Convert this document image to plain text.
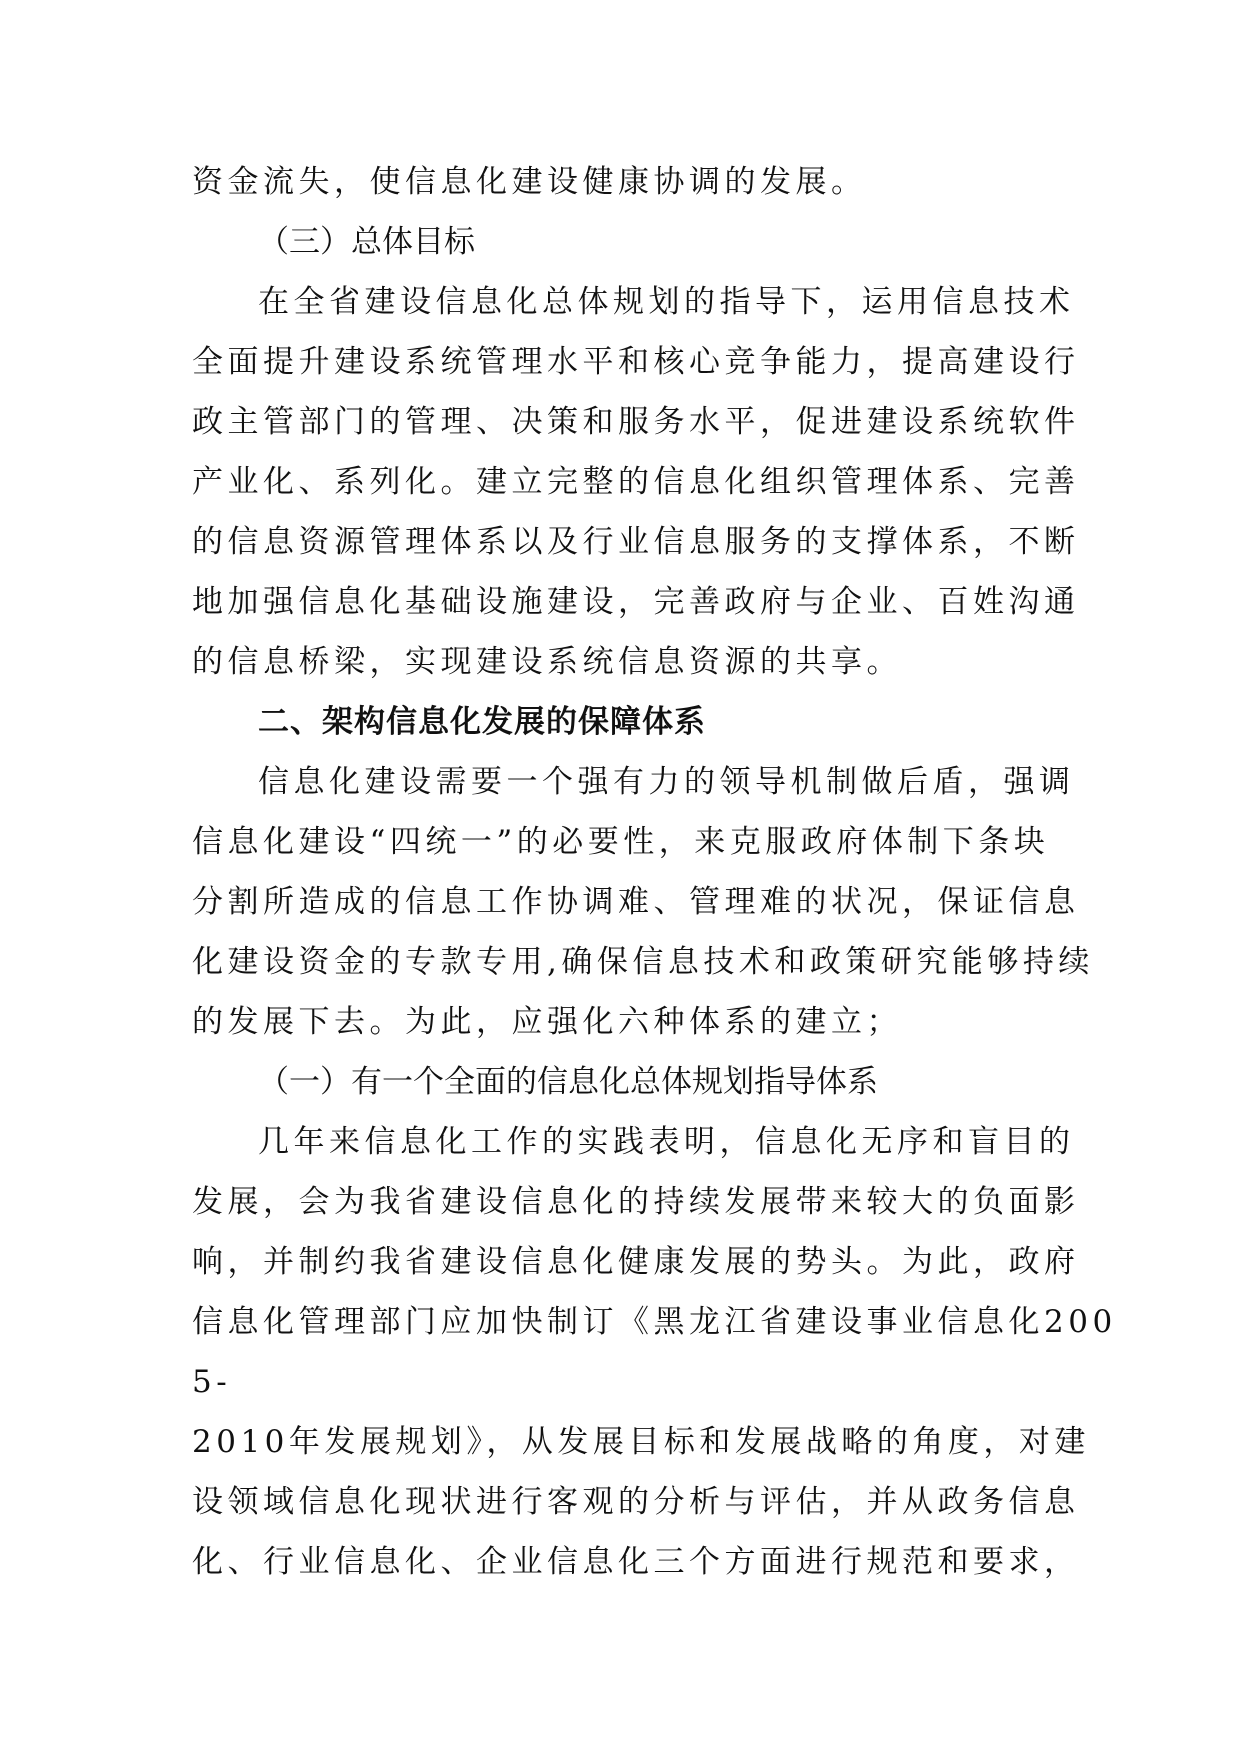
资金流失，使信息化建设健康协调的发展。
（三）总体目标
在全省建设信息化总体规划的指导下，运用信息技术
全面提升建设系统管理水平和核心竞争能力，提高建设行
政主管部门的管理、决策和服务水平，促进建设系统软件
产业化、系列化。建立完整的信息化组织管理体系、完善
的信息资源管理体系以及行业信息服务的支撑体系，不断
地加强信息化基础设施建设，完善政府与企业、百姓沟通
的信息桥梁，实现建设系统信息资源的共享。
二、架构信息化发展的保障体系
信息化建设需要一个强有力的领导机制做后盾，强调
信息化建设“四统一”的必要性，来克服政府体制下条块
分割所造成的信息工作协调难、管理难的状况，保证信息
化建设资金的专款专用,确保信息技术和政策研究能够持续
的发展下去。为此，应强化六种体系的建立；
（一）有一个全面的信息化总体规划指导体系
几年来信息化工作的实践表明，信息化无序和盲目的
发展，会为我省建设信息化的持续发展带来较大的负面影
响，并制约我省建设信息化健康发展的势头。为此，政府
信息化管理部门应加快制订《黑龙江省建设事业信息化200
5-
2010年发展规划》，从发展目标和发展战略的角度，对建
设领域信息化现状进行客观的分析与评估，并从政务信息
化、行业信息化、企业信息化三个方面进行规范和要求，
